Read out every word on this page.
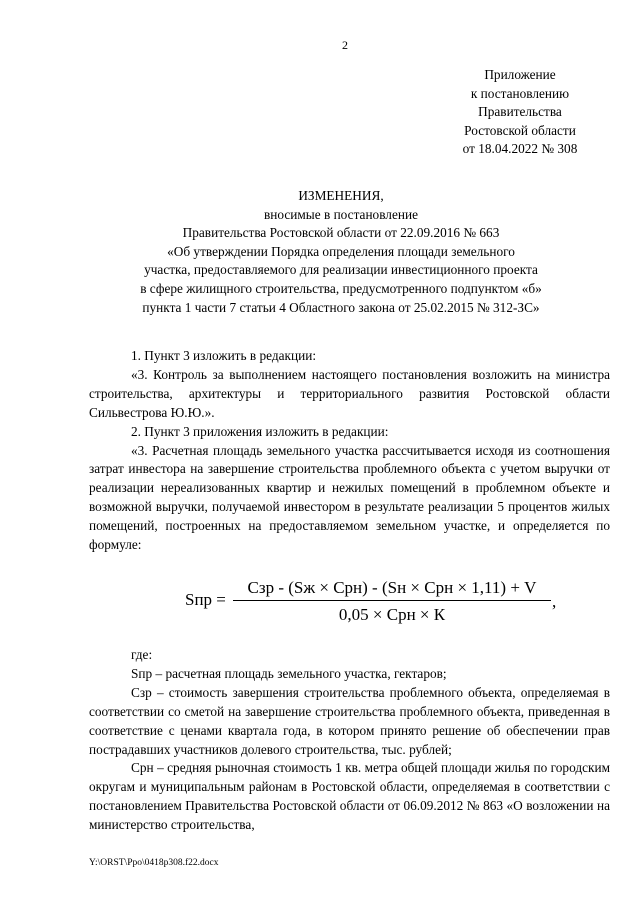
2
Приложение
к постановлению
Правительства
Ростовской области
от 18.04.2022 № 308
ИЗМЕНЕНИЯ,
вносимые в постановление
Правительства Ростовской области от 22.09.2016 № 663
«Об утверждении Порядка определения площади земельного
участка, предоставляемого для реализации инвестиционного проекта
в сфере жилищного строительства, предусмотренного подпунктом «б»
пункта 1 части 7 статьи 4 Областного закона от 25.02.2015 № 312-ЗС»

1. Пункт 3 изложить в редакции:

«3. Контроль за выполнением настоящего постановления возложить на министра строительства, архитектуры и территориального развития Ростовской области Сильвестрова Ю.Ю.».

2. Пункт 3 приложения изложить в редакции:

«3. Расчетная площадь земельного участка рассчитывается исходя из соотношения затрат инвестора на завершение строительства проблемного объекта с учетом выручки от реализации нереализованных квартир и нежилых помещений в проблемном объекте и возможной выручки, получаемой инвестором в результате реализации 5 процентов жилых помещений, построенных на предоставляемом земельном участке, и определяется по формуле:

Sпр =
Сзр - (Sж × Срн) - (Sн × Срн × 1,11) + V
0,05 × Срн × К
,

где:

Sпр – расчетная площадь земельного участка, гектаров;

Сзр – стоимость завершения строительства проблемного объекта, определяемая в соответствии со сметой на завершение строительства проблемного объекта, приведенная в соответствие с ценами квартала года, в котором принято решение об обеспечении прав пострадавших участников долевого строительства, тыс. рублей;

Срн – средняя рыночная стоимость 1 кв. метра общей площади жилья по городским округам и муниципальным районам в Ростовской области, определяемая в соответствии с постановлением Правительства Ростовской области от 06.09.2012 № 863 «О возложении на министерство строительства,

Y:\ORST\Ppo\0418p308.f22.docx
